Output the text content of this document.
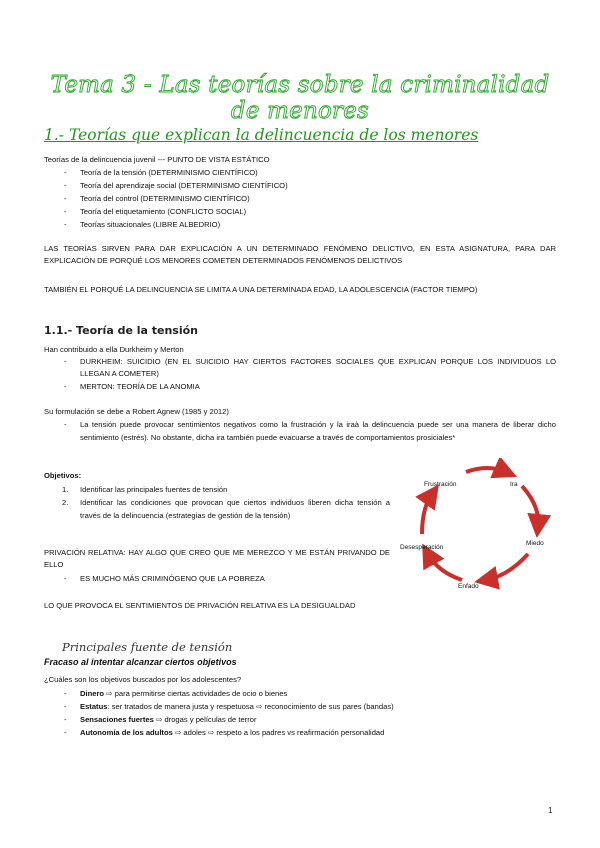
Tema 3 - Las teorías sobre la criminalidad de menores
1.- Teorías que explican la delincuencia de los menores
Teorías de la delincuencia juvenil --- PUNTO DE VISTA ESTÁTICO
- Teoría de la tensión (DETERMINISMO CIENTÍFICO)
- Teoría del aprendizaje social (DETERMINISMO CIENTÍFICO)
- Teoría del control (DETERMINISMO CIENTÍFICO)
- Teoría del etiquetamiento (CONFLICTO SOCIAL)
- Teorías situacionales (LIBRE ALBEDRIO)
LAS TEORÍAS SIRVEN PARA DAR EXPLICACIÓN A UN DETERMINADO FENÓMENO DELICTIVO, EN ESTA ASIGNATURA, PARA DAR EXPLICACIÓN DE PORQUÉ LOS MENORES COMETEN DETERMINADOS FENÓMENOS DELICTIVOS
TAMBIÉN EL PORQUÉ LA DELINCUENCIA SE LIMITA A UNA DETERMINADA EDAD, LA ADOLESCENCIA (FACTOR TIEMPO)
1.1.- Teoría de la tensión
Han contribuido a ella Durkheim y Merton
- DURKHEIM: SUICIDIO (EN EL SUICIDIO HAY CIERTOS FACTORES SOCIALES QUE EXPLICAN PORQUE LOS INDIVIDUOS LO LLEGAN A COMETER)
- MERTON: TEORÍA DE LA ANOMIA
Su formulación se debe a Robert Agnew (1985 y 2012)
- La tensión puede provocar sentimientos negativos como la frustración y la iraà la delincuencia puede ser una manera de liberar dicho sentimiento (estrés). No obstante, dicha ira también puede evacuarse a través de comportamientos prosiciales*
Objetivos:
1. Identificar las principales fuentes de tensión
2. Identificar las condiciones que provocan que ciertos individuos liberen dicha tensión a través de la delincuencia (estrategias de gestión de la tensión)
PRIVACIÓN RELATIVA: HAY ALGO QUE CREO QUE ME MEREZCO Y ME ESTÁN PRIVANDO DE ELLO
- ES MUCHO MÁS CRIMINÓGENO QUE LA POBREZA
LO QUE PROVOCA EL SENTIMIENTOS DE PRIVACIÓN RELATIVA ES LA DESIGUALDAD
Frustración	Ira
Miedo
Enfado
Desesperación
Principales fuente de tensión
Fracaso al intentar alcanzar ciertos objetivos
¿Cuáles son los objetivos buscados por los adolescentes?
- Dinero ⇨ para permitirse ciertas actividades de ocio o bienes
- Estatus: ser tratados de manera justa y respetuosa ⇨ reconocimiento de sus pares (bandas)
- Sensaciones fuertes ⇨ drogas y películas de terror
- Autonomía de los adultos ⇨ adoles ⇨ respeto a los padres vs reafirmación personalidad
1
